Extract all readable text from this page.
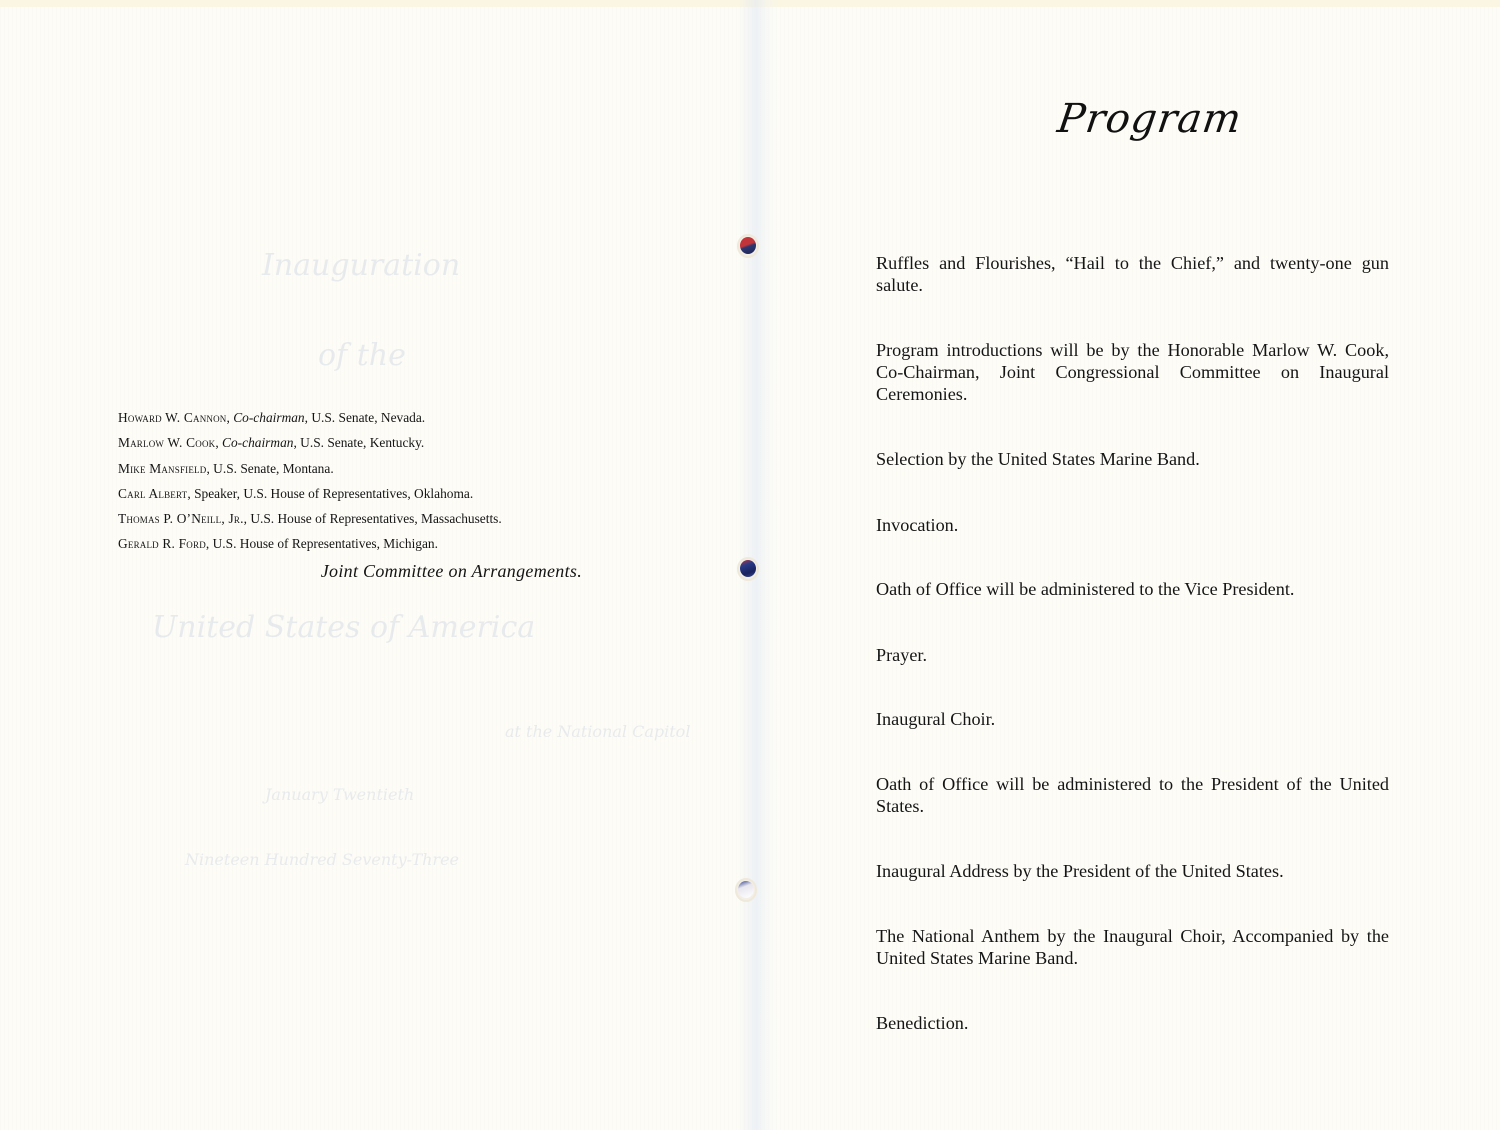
Inauguration
of the
United States of America
at the National Capitol
January Twentieth
Nineteen Hundred Seventy-Three
Howard W. Cannon, Co-chairman, U.S. Senate, Nevada.
Marlow W. Cook, Co-chairman, U.S. Senate, Kentucky.
Mike Mansfield, U.S. Senate, Montana.
Carl Albert, Speaker, U.S. House of Representatives, Oklahoma.
Thomas P. O’Neill, Jr., U.S. House of Representatives, Massachusetts.
Gerald R. Ford, U.S. House of Representatives, Michigan.
Joint Committee on Arrangements.
Program
Ruffles and Flourishes, “Hail to the Chief,” and twenty-one gun salute.
Program introductions will be by the Honorable Marlow W. Cook, Co-Chairman, Joint Congressional Committee on Inaugural Ceremonies.
Selection by the United States Marine Band.
Invocation.
Oath of Office will be administered to the Vice President.
Prayer.
Inaugural Choir.
Oath of Office will be administered to the President of the United States.
Inaugural Address by the President of the United States.
The National Anthem by the Inaugural Choir, Accompanied by the United States Marine Band.
Benediction.
